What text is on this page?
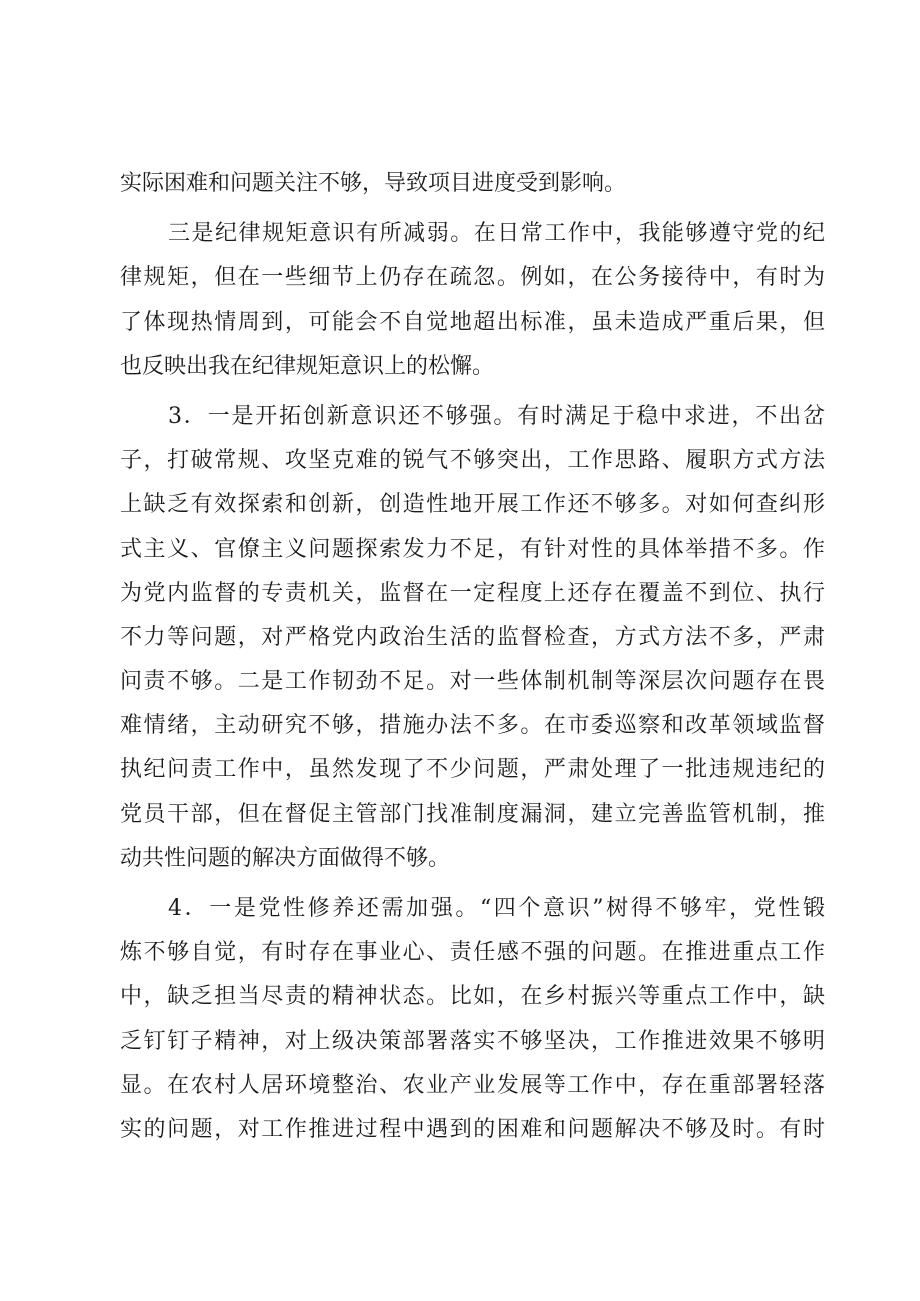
实际困难和问题关注不够，导致项目进度受到影响。
三是纪律规矩意识有所减弱。在日常工作中，我能够遵守党的纪
律规矩，但在一些细节上仍存在疏忽。例如，在公务接待中，有时为
了体现热情周到，可能会不自觉地超出标准，虽未造成严重后果，但
也反映出我在纪律规矩意识上的松懈。
3．一是开拓创新意识还不够强。有时满足于稳中求进，不出岔
子，打破常规、攻坚克难的锐气不够突出，工作思路、履职方式方法
上缺乏有效探索和创新，创造性地开展工作还不够多。对如何查纠形
式主义、官僚主义问题探索发力不足，有针对性的具体举措不多。作
为党内监督的专责机关，监督在一定程度上还存在覆盖不到位、执行
不力等问题，对严格党内政治生活的监督检查，方式方法不多，严肃
问责不够。二是工作韧劲不足。对一些体制机制等深层次问题存在畏
难情绪，主动研究不够，措施办法不多。在市委巡察和改革领域监督
执纪问责工作中，虽然发现了不少问题，严肃处理了一批违规违纪的
党员干部，但在督促主管部门找准制度漏洞，建立完善监管机制，推
动共性问题的解决方面做得不够。
4．一是党性修养还需加强。“四个意识”树得不够牢，党性锻
炼不够自觉，有时存在事业心、责任感不强的问题。在推进重点工作
中，缺乏担当尽责的精神状态。比如，在乡村振兴等重点工作中，缺
乏钉钉子精神，对上级决策部署落实不够坚决，工作推进效果不够明
显。在农村人居环境整治、农业产业发展等工作中，存在重部署轻落
实的问题，对工作推进过程中遇到的困难和问题解决不够及时。有时
